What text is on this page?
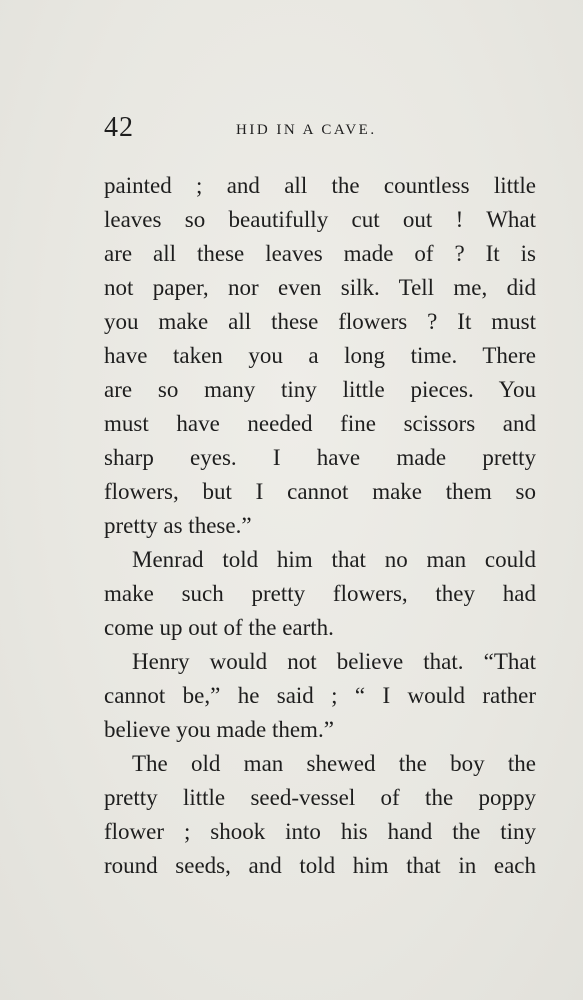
42	HID IN A CAVE.
painted ; and all the countless little
leaves so beautifully cut out ! What
are all these leaves made of ? It is
not paper, nor even silk. Tell me, did
you make all these flowers ? It must
have taken you a long time. There
are so many tiny little pieces. You
must have needed fine scissors and
sharp eyes. I have made pretty
flowers, but I cannot make them so
pretty as these.”
Menrad told him that no man could
make such pretty flowers, they had
come up out of the earth.
Henry would not believe that. “That
cannot be,” he said ; “ I would rather
believe you made them.”
The old man shewed the boy the
pretty little seed-vessel of the poppy
flower ; shook into his hand the tiny
round seeds, and told him that in each
